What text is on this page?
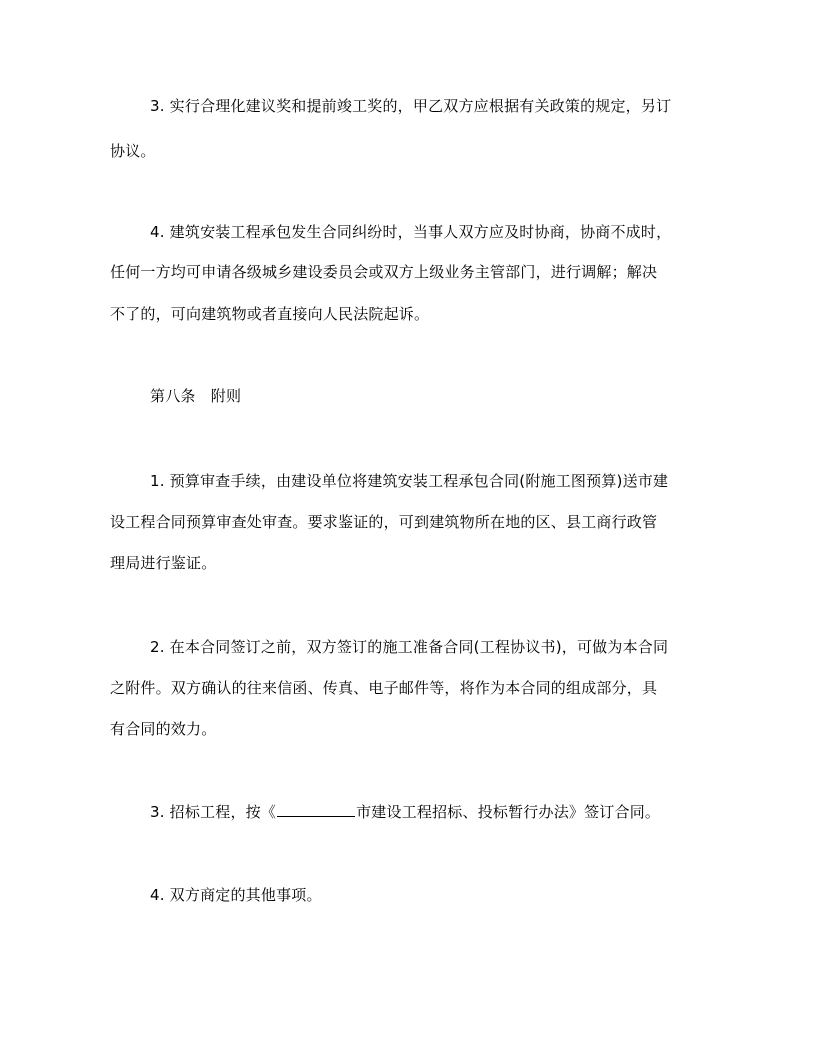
3. 实行合理化建议奖和提前竣工奖的，甲乙双方应根据有关政策的规定，另订
协议。
4. 建筑安装工程承包发生合同纠纷时，当事人双方应及时协商，协商不成时，
任何一方均可申请各级城乡建设委员会或双方上级业务主管部门，进行调解；解决
不了的，可向建筑物或者直接向人民法院起诉。
第八条　附则
1. 预算审查手续，由建设单位将建筑安装工程承包合同(附施工图预算)送市建
设工程合同预算审查处审查。要求鉴证的，可到建筑物所在地的区、县工商行政管
理局进行鉴证。
2. 在本合同签订之前，双方签订的施工准备合同(工程协议书)，可做为本合同
之附件。双方确认的往来信函、传真、电子邮件等，将作为本合同的组成部分，具
有合同的效力。
3. 招标工程，按《	市建设工程招标、投标暂行办法》签订合同。
4. 双方商定的其他事项。
